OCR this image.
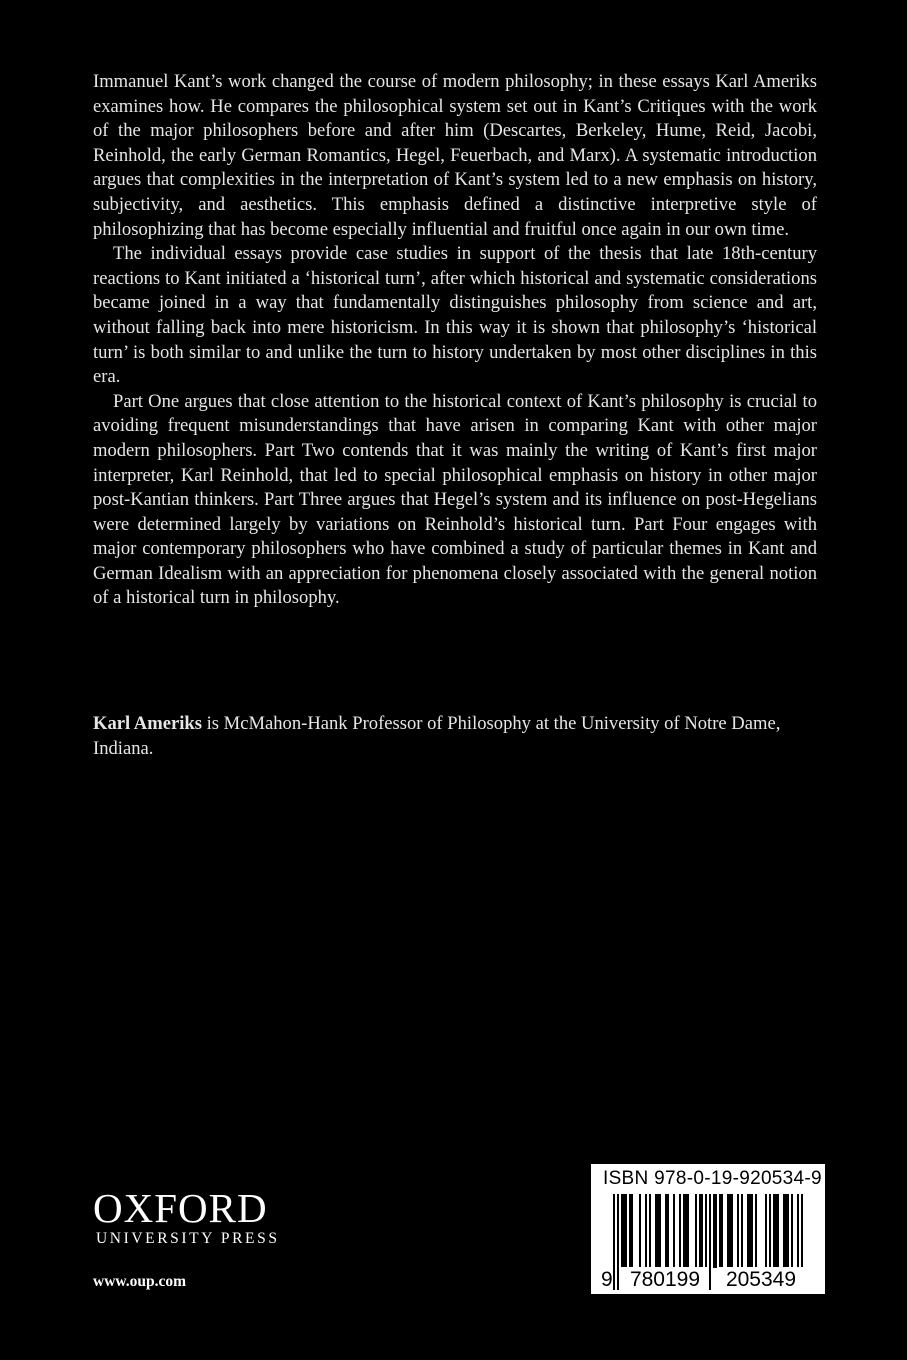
Immanuel Kant’s work changed the course of modern philosophy; in these essays Karl Ameriks examines how. He compares the philosophical system set out in Kant’s Critiques with the work of the major philosophers before and after him (Descartes, Berkeley, Hume, Reid, Jacobi, Reinhold, the early German Romantics, Hegel, Feuerbach, and Marx). A systematic introduction argues that complexities in the interpretation of Kant’s system led to a new emphasis on history, subjectivity, and aesthetics. This emphasis defined a distinctive interpretive style of philosophizing that has become especially influential and fruitful once again in our own time.

The individual essays provide case studies in support of the thesis that late 18th-century reactions to Kant initiated a ‘historical turn’, after which historical and systematic considerations became joined in a way that fundamentally distinguishes philosophy from science and art, without falling back into mere historicism. In this way it is shown that philosophy’s ‘historical turn’ is both similar to and unlike the turn to history undertaken by most other disciplines in this era.

Part One argues that close attention to the historical context of Kant’s philosophy is crucial to avoiding frequent misunderstandings that have arisen in comparing Kant with other major modern philosophers. Part Two contends that it was mainly the writing of Kant’s first major interpreter, Karl Reinhold, that led to special philosophical emphasis on history in other major post-Kantian thinkers. Part Three argues that Hegel’s system and its influence on post-Hegelians were determined largely by variations on Reinhold’s historical turn. Part Four engages with major contemporary philosophers who have combined a study of particular themes in Kant and German Idealism with an appreciation for phenomena closely associated with the general notion of a historical turn in philosophy.

Karl Ameriks is McMahon-Hank Professor of Philosophy at the University of Notre Dame, Indiana.

OXFORD
UNIVERSITY PRESS
www.oup.com
ISBN 978-0-19-920534-9
9 780199 205349
